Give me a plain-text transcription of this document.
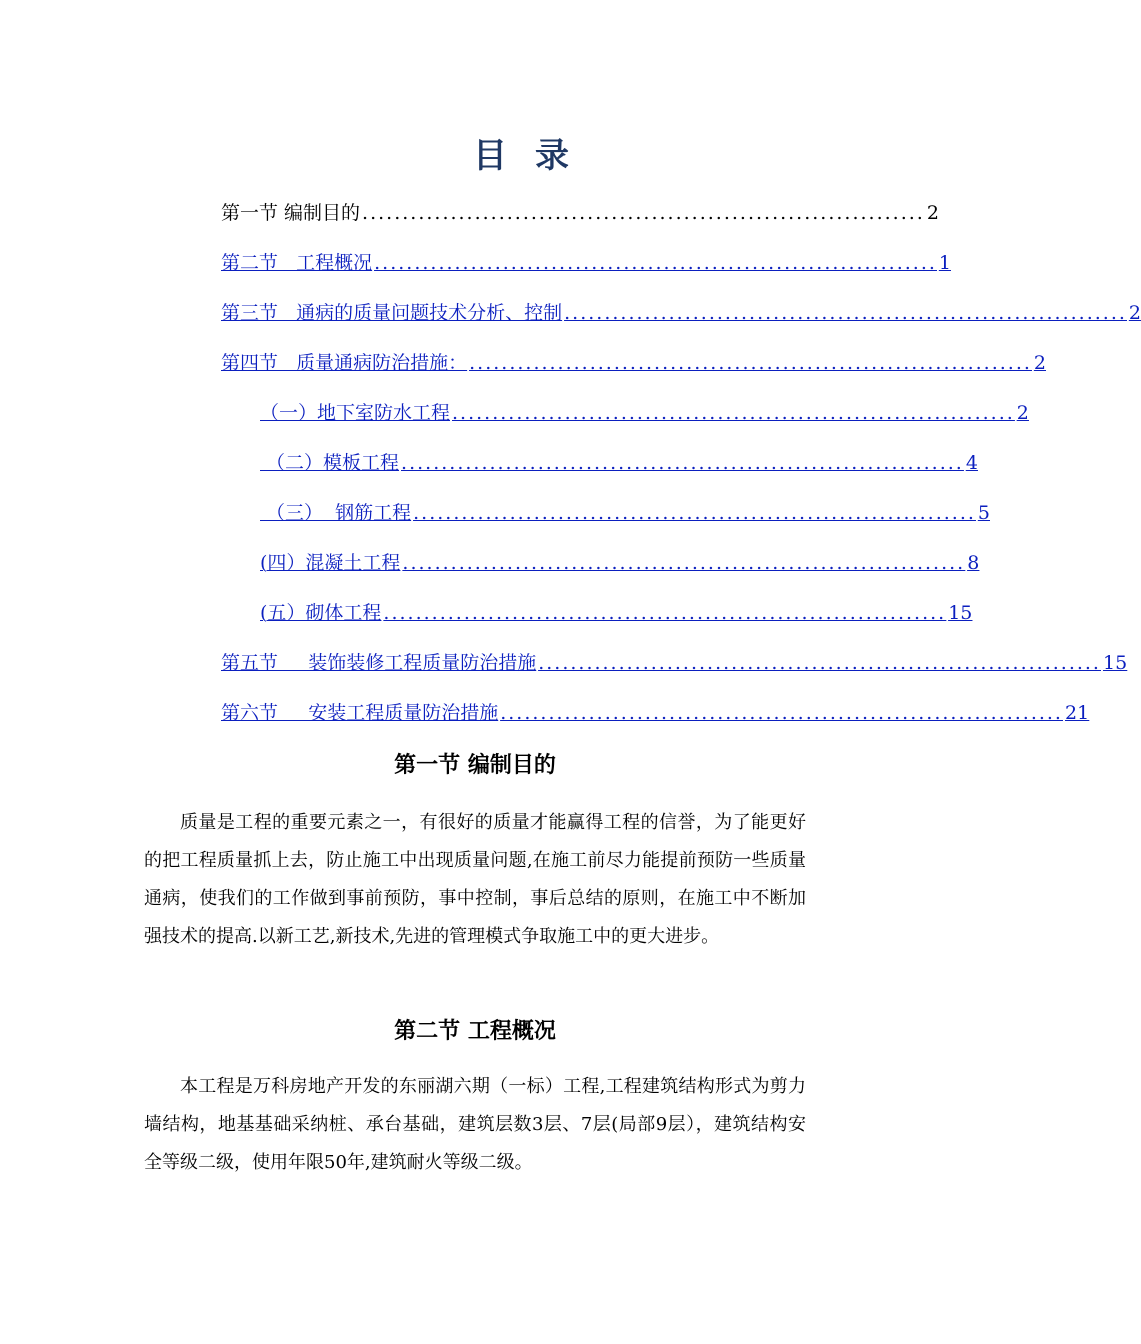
目录
第一节 编制目的 ...................................................................... 2
第二节   工程概况 ...................................................................... 1
第三节   通病的质量问题技术分析、控制 ...................................................................... 2
第四节   质量通病防治措施： ...................................................................... 2
（一）地下室防水工程 ...................................................................... 2
（二）模板工程 ...................................................................... 4
（三）  钢筋工程 ...................................................................... 5
(四）混凝土工程 ...................................................................... 8
(五）砌体工程 ...................................................................... 15
第五节     装饰装修工程质量防治措施 ...................................................................... 15
第六节     安装工程质量防治措施 ...................................................................... 21
第一节 编制目的

质量是工程的重要元素之一，有很好的质量才能赢得工程的信誉，为了能更好的把工程质量抓上去，防止施工中出现质量问题,在施工前尽力能提前预防一些质量通病，使我们的工作做到事前预防，事中控制，事后总结的原则，在施工中不断加强技术的提高.以新工艺,新技术,先进的管理模式争取施工中的更大进步。

第二节 工程概况

本工程是万科房地产开发的东丽湖六期（一标）工程,工程建筑结构形式为剪力墙结构，地基基础采纳桩、承台基础，建筑层数3层、7层(局部9层），建筑结构安全等级二级，使用年限50年,建筑耐火等级二级。
